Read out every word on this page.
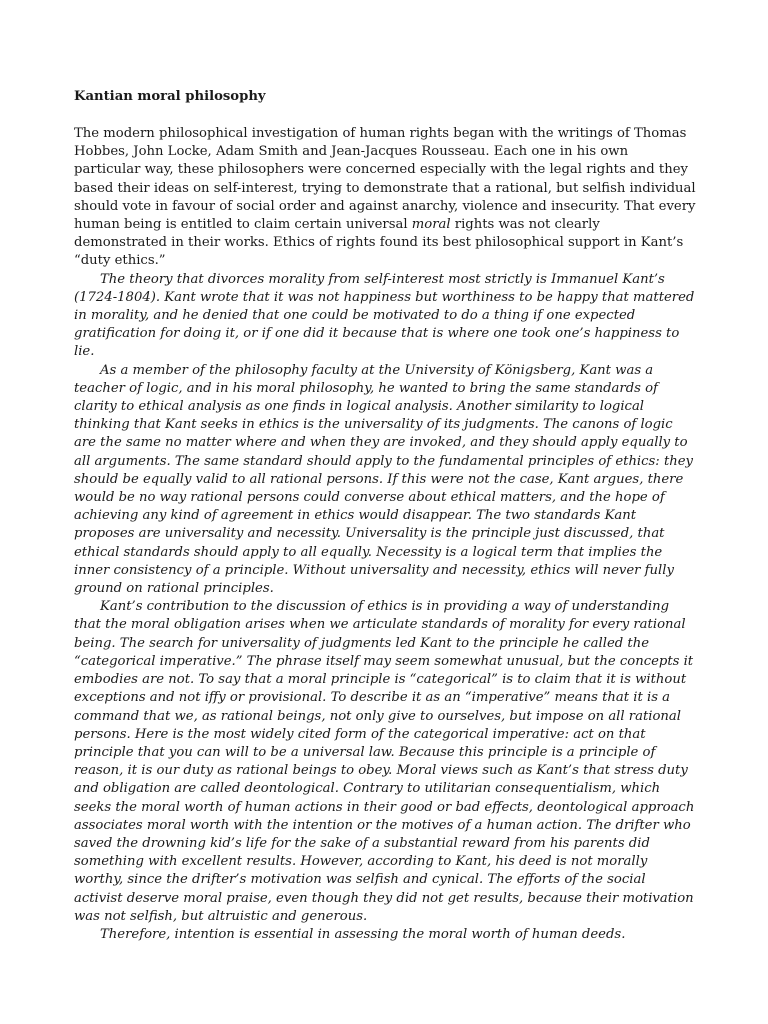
Kantian moral philosophy

The modern philosophical investigation of human rights began with the writings of Thomas Hobbes, John Locke, Adam Smith and Jean-Jacques Rousseau. Each one in his own particular way, these philosophers were concerned especially with the legal rights and they based their ideas on self-interest, trying to demonstrate that a rational, but selfish individual should vote in favour of social order and against anarchy, violence and insecurity. That every human being is entitled to claim certain universal moral rights was not clearly demonstrated in their works. Ethics of rights found its best philosophical support in Kant’s “duty ethics.”

The theory that divorces morality from self-interest most strictly is Immanuel Kant’s (1724-1804). Kant wrote that it was not happiness but worthiness to be happy that mattered in morality, and he denied that one could be motivated to do a thing if one expected gratification for doing it, or if one did it because that is where one took one’s happiness to lie.

As a member of the philosophy faculty at the University of Königsberg, Kant was a teacher of logic, and in his moral philosophy, he wanted to bring the same standards of clarity to ethical analysis as one finds in logical analysis. Another similarity to logical thinking that Kant seeks in ethics is the universality of its judgments. The canons of logic are the same no matter where and when they are invoked, and they should apply equally to all arguments. The same standard should apply to the fundamental principles of ethics: they should be equally valid to all rational persons. If this were not the case, Kant argues, there would be no way rational persons could converse about ethical matters, and the hope of achieving any kind of agreement in ethics would disappear. The two standards Kant proposes are universality and necessity. Universality is the principle just discussed, that ethical standards should apply to all equally. Necessity is a logical term that implies the inner consistency of a principle. Without universality and necessity, ethics will never fully ground on rational principles.

Kant’s contribution to the discussion of ethics is in providing a way of understanding that the moral obligation arises when we articulate standards of morality for every rational being. The search for universality of judgments led Kant to the principle he called the “categorical imperative.” The phrase itself may seem somewhat unusual, but the concepts it embodies are not. To say that a moral principle is “categorical” is to claim that it is without exceptions and not iffy or provisional. To describe it as an “imperative” means that it is a command that we, as rational beings, not only give to ourselves, but impose on all rational persons. Here is the most widely cited form of the categorical imperative: act on that principle that you can will to be a universal law. Because this principle is a principle of reason, it is our duty as rational beings to obey. Moral views such as Kant’s that stress duty and obligation are called deontological. Contrary to utilitarian consequentialism, which seeks the moral worth of human actions in their good or bad effects, deontological approach associates moral worth with the intention or the motives of a human action. The drifter who saved the drowning kid’s life for the sake of a substantial reward from his parents did something with excellent results. However, according to Kant, his deed is not morally worthy, since the drifter’s motivation was selfish and cynical. The efforts of the social activist deserve moral praise, even though they did not get results, because their motivation was not selfish, but altruistic and generous.

Therefore, intention is essential in assessing the moral worth of human deeds.
